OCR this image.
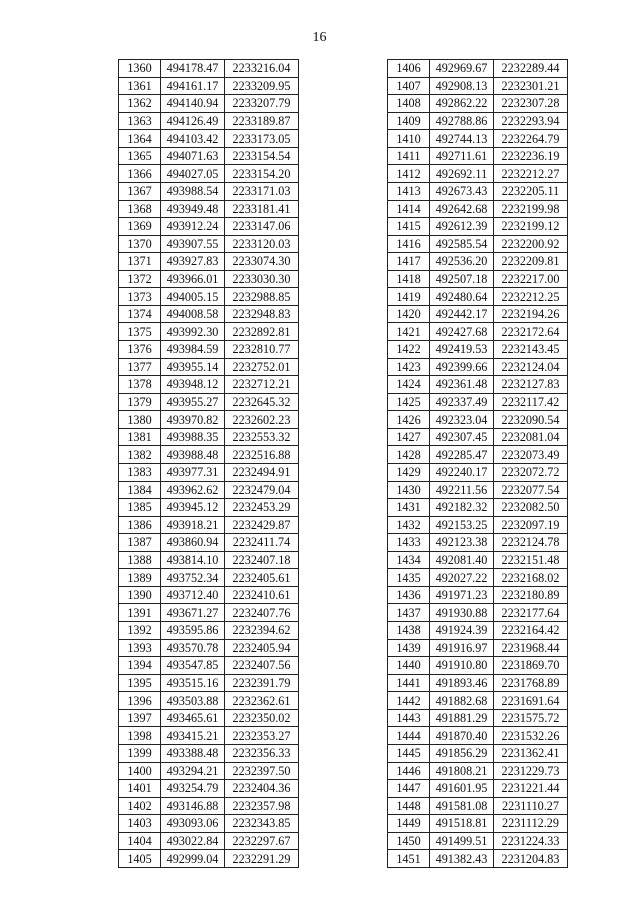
16
1360	494178.47	2233216.04
1361	494161.17	2233209.95
1362	494140.94	2233207.79
1363	494126.49	2233189.87
1364	494103.42	2233173.05
1365	494071.63	2233154.54
1366	494027.05	2233154.20
1367	493988.54	2233171.03
1368	493949.48	2233181.41
1369	493912.24	2233147.06
1370	493907.55	2233120.03
1371	493927.83	2233074.30
1372	493966.01	2233030.30
1373	494005.15	2232988.85
1374	494008.58	2232948.83
1375	493992.30	2232892.81
1376	493984.59	2232810.77
1377	493955.14	2232752.01
1378	493948.12	2232712.21
1379	493955.27	2232645.32
1380	493970.82	2232602.23
1381	493988.35	2232553.32
1382	493988.48	2232516.88
1383	493977.31	2232494.91
1384	493962.62	2232479.04
1385	493945.12	2232453.29
1386	493918.21	2232429.87
1387	493860.94	2232411.74
1388	493814.10	2232407.18
1389	493752.34	2232405.61
1390	493712.40	2232410.61
1391	493671.27	2232407.76
1392	493595.86	2232394.62
1393	493570.78	2232405.94
1394	493547.85	2232407.56
1395	493515.16	2232391.79
1396	493503.88	2232362.61
1397	493465.61	2232350.02
1398	493415.21	2232353.27
1399	493388.48	2232356.33
1400	493294.21	2232397.50
1401	493254.79	2232404.36
1402	493146.88	2232357.98
1403	493093.06	2232343.85
1404	493022.84	2232297.67
1405	492999.04	2232291.29
1406	492969.67	2232289.44
1407	492908.13	2232301.21
1408	492862.22	2232307.28
1409	492788.86	2232293.94
1410	492744.13	2232264.79
1411	492711.61	2232236.19
1412	492692.11	2232212.27
1413	492673.43	2232205.11
1414	492642.68	2232199.98
1415	492612.39	2232199.12
1416	492585.54	2232200.92
1417	492536.20	2232209.81
1418	492507.18	2232217.00
1419	492480.64	2232212.25
1420	492442.17	2232194.26
1421	492427.68	2232172.64
1422	492419.53	2232143.45
1423	492399.66	2232124.04
1424	492361.48	2232127.83
1425	492337.49	2232117.42
1426	492323.04	2232090.54
1427	492307.45	2232081.04
1428	492285.47	2232073.49
1429	492240.17	2232072.72
1430	492211.56	2232077.54
1431	492182.32	2232082.50
1432	492153.25	2232097.19
1433	492123.38	2232124.78
1434	492081.40	2232151.48
1435	492027.22	2232168.02
1436	491971.23	2232180.89
1437	491930.88	2232177.64
1438	491924.39	2232164.42
1439	491916.97	2231968.44
1440	491910.80	2231869.70
1441	491893.46	2231768.89
1442	491882.68	2231691.64
1443	491881.29	2231575.72
1444	491870.40	2231532.26
1445	491856.29	2231362.41
1446	491808.21	2231229.73
1447	491601.95	2231221.44
1448	491581.08	2231110.27
1449	491518.81	2231112.29
1450	491499.51	2231224.33
1451	491382.43	2231204.83
